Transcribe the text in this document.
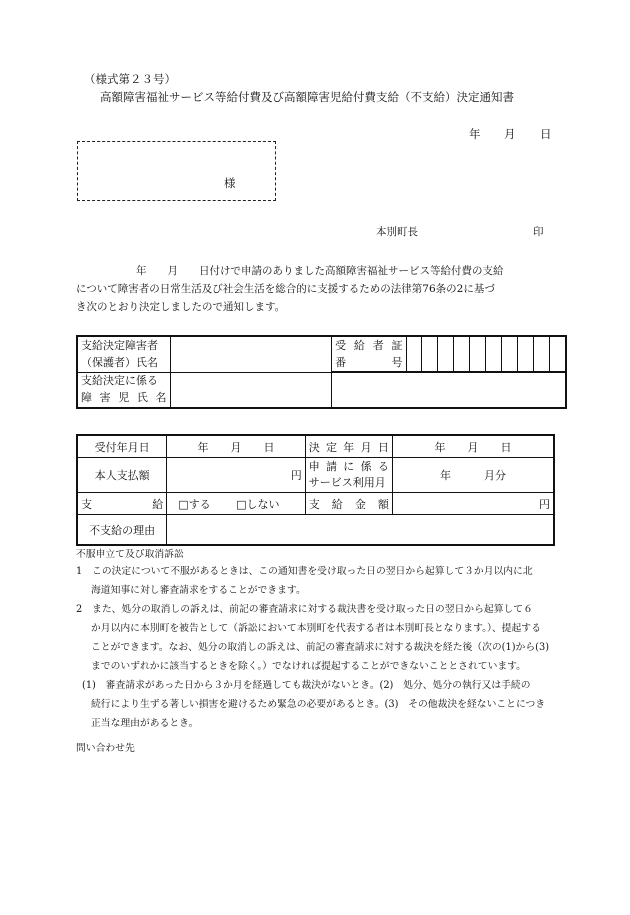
（様式第２３号）
高額障害福祉サービス等給付費及び高額障害児給付費支給（不支給）決定通知書
年 月 日
様
本別町長	印
年　　月　　日付けで申請のありました高額障害福祉サービス等給付費の支給
について障害者の日常生活及び社会生活を総合的に支援するための法律第76条の2に基づ
き次のとおり決定しましたので通知します。
支給決定障害者		受給者証										
（保護者）氏名		番　　　号										
支給決定に係る												
障害児氏名												
受付年月日	年　　月　　日	決定年月日	年　　月　　日
本人支払額	円	申請に係る
サービス利用月	年　　　月分
支　　　給	□する □しない	支給金額	円
不支給の理由			
不服申立て及び取消訴訟
1　この決定について不服があるときは、この通知書を受け取った日の翌日から起算して３か月以内に北
海道知事に対し審査請求をすることができます。
2　また、処分の取消しの訴えは、前記の審査請求に対する裁決書を受け取った日の翌日から起算して６
か月以内に本別町を被告として（訴訟において本別町を代表する者は本別町長となります。）、提起する
ことができます。なお、処分の取消しの訴えは、前記の審査請求に対する裁決を経た後（次の(1)から(3)
までのいずれかに該当するときを除く。）でなければ提起することができないこととされています。
(1)　審査請求があった日から３か月を経過しても裁決がないとき。(2)　処分、処分の執行又は手続の
続行により生ずる著しい損害を避けるため緊急の必要があるとき。(3)　その他裁決を経ないことにつき
正当な理由があるとき。
問い合わせ先
